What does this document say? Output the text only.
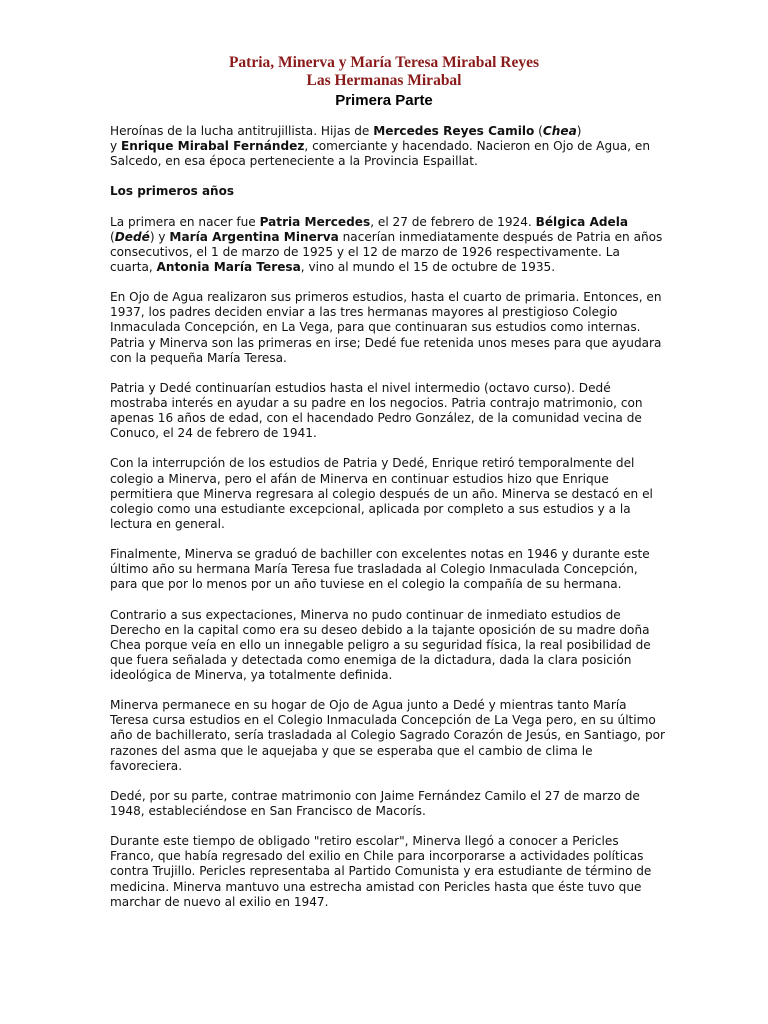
Patria, Minerva y María Teresa Mirabal Reyes
Las Hermanas Mirabal
Primera Parte

Heroínas de la lucha antitrujillista. Hijas de Mercedes Reyes Camilo (Chea)
y Enrique Mirabal Fernández, comerciante y hacendado. Nacieron en Ojo de Agua, en Salcedo, en esa época perteneciente a la Provincia Espaillat.

Los primeros años

La primera en nacer fue Patria Mercedes, el 27 de febrero de 1924. Bélgica Adela (Dedé) y María Argentina Minerva nacerían inmediatamente después de Patria en años consecutivos, el 1 de marzo de 1925 y el 12 de marzo de 1926 respectivamente. La cuarta, Antonia María Teresa, vino al mundo el 15 de octubre de 1935.

En Ojo de Agua realizaron sus primeros estudios, hasta el cuarto de primaria. Entonces, en 1937, los padres deciden enviar a las tres hermanas mayores al prestigioso Colegio Inmaculada Concepción, en La Vega, para que continuaran sus estudios como internas. Patria y Minerva son las primeras en irse; Dedé fue retenida unos meses para que ayudara con la pequeña María Teresa.

Patria y Dedé continuarían estudios hasta el nivel intermedio (octavo curso). Dedé mostraba interés en ayudar a su padre en los negocios. Patria contrajo matrimonio, con apenas 16 años de edad, con el hacendado Pedro González, de la comunidad vecina de Conuco, el 24 de febrero de 1941.

Con la interrupción de los estudios de Patria y Dedé, Enrique retiró temporalmente del colegio a Minerva, pero el afán de Minerva en continuar estudios hizo que Enrique permitiera que Minerva regresara al colegio después de un año. Minerva se destacó en el colegio como una estudiante excepcional, aplicada por completo a sus estudios y a la lectura en general.

Finalmente, Minerva se graduó de bachiller con excelentes notas en 1946 y durante este último año su hermana María Teresa fue trasladada al Colegio Inmaculada Concepción, para que por lo menos por un año tuviese en el colegio la compañía de su hermana.

Contrario a sus expectaciones, Minerva no pudo continuar de inmediato estudios de Derecho en la capital como era su deseo debido a la tajante oposición de su madre doña Chea porque veía en ello un innegable peligro a su seguridad física, la real posibilidad de que fuera señalada y detectada como enemiga de la dictadura, dada la clara posición ideológica de Minerva, ya totalmente definida.

Minerva permanece en su hogar de Ojo de Agua junto a Dedé y mientras tanto María Teresa cursa estudios en el Colegio Inmaculada Concepción de La Vega pero, en su último año de bachillerato, sería trasladada al Colegio Sagrado Corazón de Jesús, en Santiago, por razones del asma que le aquejaba y que se esperaba que el cambio de clima le favoreciera.

Dedé, por su parte, contrae matrimonio con Jaime Fernández Camilo el 27 de marzo de 1948, estableciéndose en San Francisco de Macorís.

Durante este tiempo de obligado "retiro escolar", Minerva llegó a conocer a Pericles Franco, que había regresado del exilio en Chile para incorporarse a actividades políticas contra Trujillo. Pericles representaba al Partido Comunista y era estudiante de término de medicina. Minerva mantuvo una estrecha amistad con Pericles hasta que éste tuvo que marchar de nuevo al exilio en 1947.
